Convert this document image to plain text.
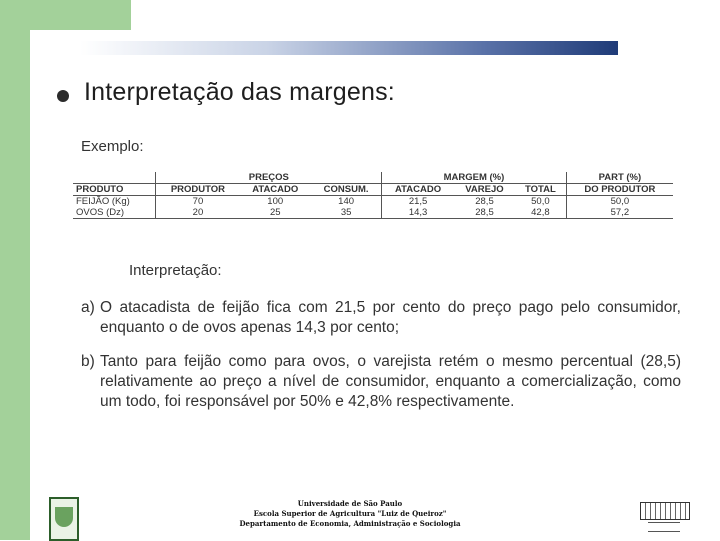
Interpretação das margens:
Exemplo:
	PREÇOS			MARGEM (%)			PART (%)
PRODUTO	PRODUTOR	ATACADO	CONSUM.	ATACADO	VAREJO	TOTAL	DO PRODUTOR
FEIJÃO (Kg)	70	100	140	21,5	28,5	50,0	50,0
OVOS (Dz)	20	25	35	14,3	28,5	42,8	57,2
Interpretação:
a) O atacadista de feijão fica com 21,5 por cento do preço pago pelo consumidor, enquanto o de ovos apenas 14,3 por cento;
b) Tanto para feijão como para ovos, o varejista retém o mesmo percentual (28,5) relativamente ao preço a nível de consumidor, enquanto a comercialização, como um todo, foi responsável por 50% e 42,8% respectivamente.
Universidade de São Paulo
Escola Superior de Agricultura "Luiz de Queiroz"
Departamento de Economia, Administração e Sociologia
